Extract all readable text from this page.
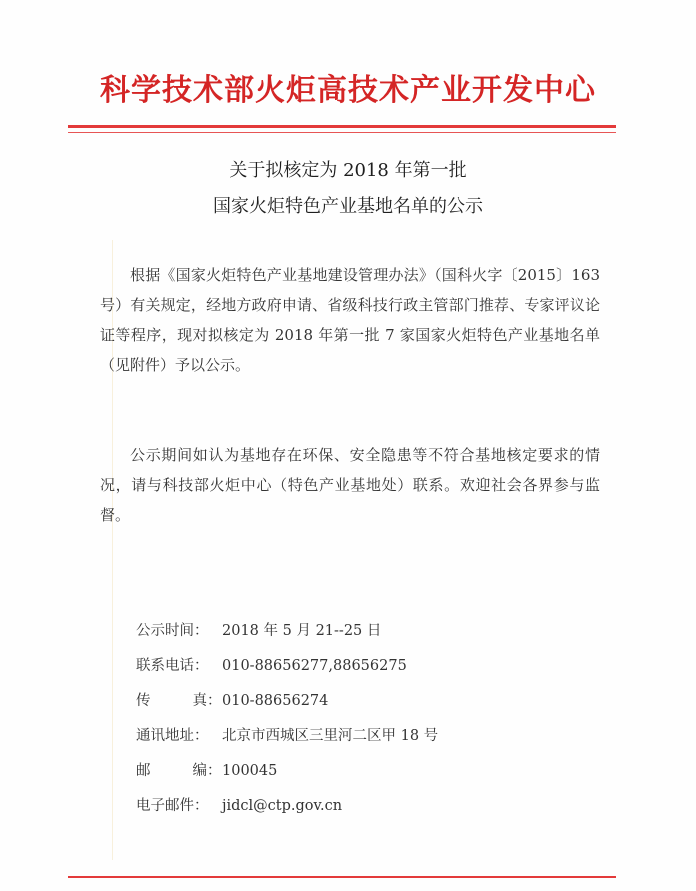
科学技术部火炬高技术产业开发中心
关于拟核定为 2018 年第一批
国家火炬特色产业基地名单的公示
根据《国家火炬特色产业基地建设管理办法》（国科火字〔2015〕163 号）有关规定，经地方政府申请、省级科技行政主管部门推荐、专家评议论证等程序，现对拟核定为 2018 年第一批 7 家国家火炬特色产业基地名单（见附件）予以公示。
公示期间如认为基地存在环保、安全隐患等不符合基地核定要求的情况，请与科技部火炬中心（特色产业基地处）联系。欢迎社会各界参与监督。
公示时间： 2018 年 5 月 21--25 日
联系电话： 010-88656277,88656275
传	真：010-88656274
通讯地址： 北京市西城区三里河二区甲 18 号
邮	编：100045
电子邮件： jidcl@ctp.gov.cn
